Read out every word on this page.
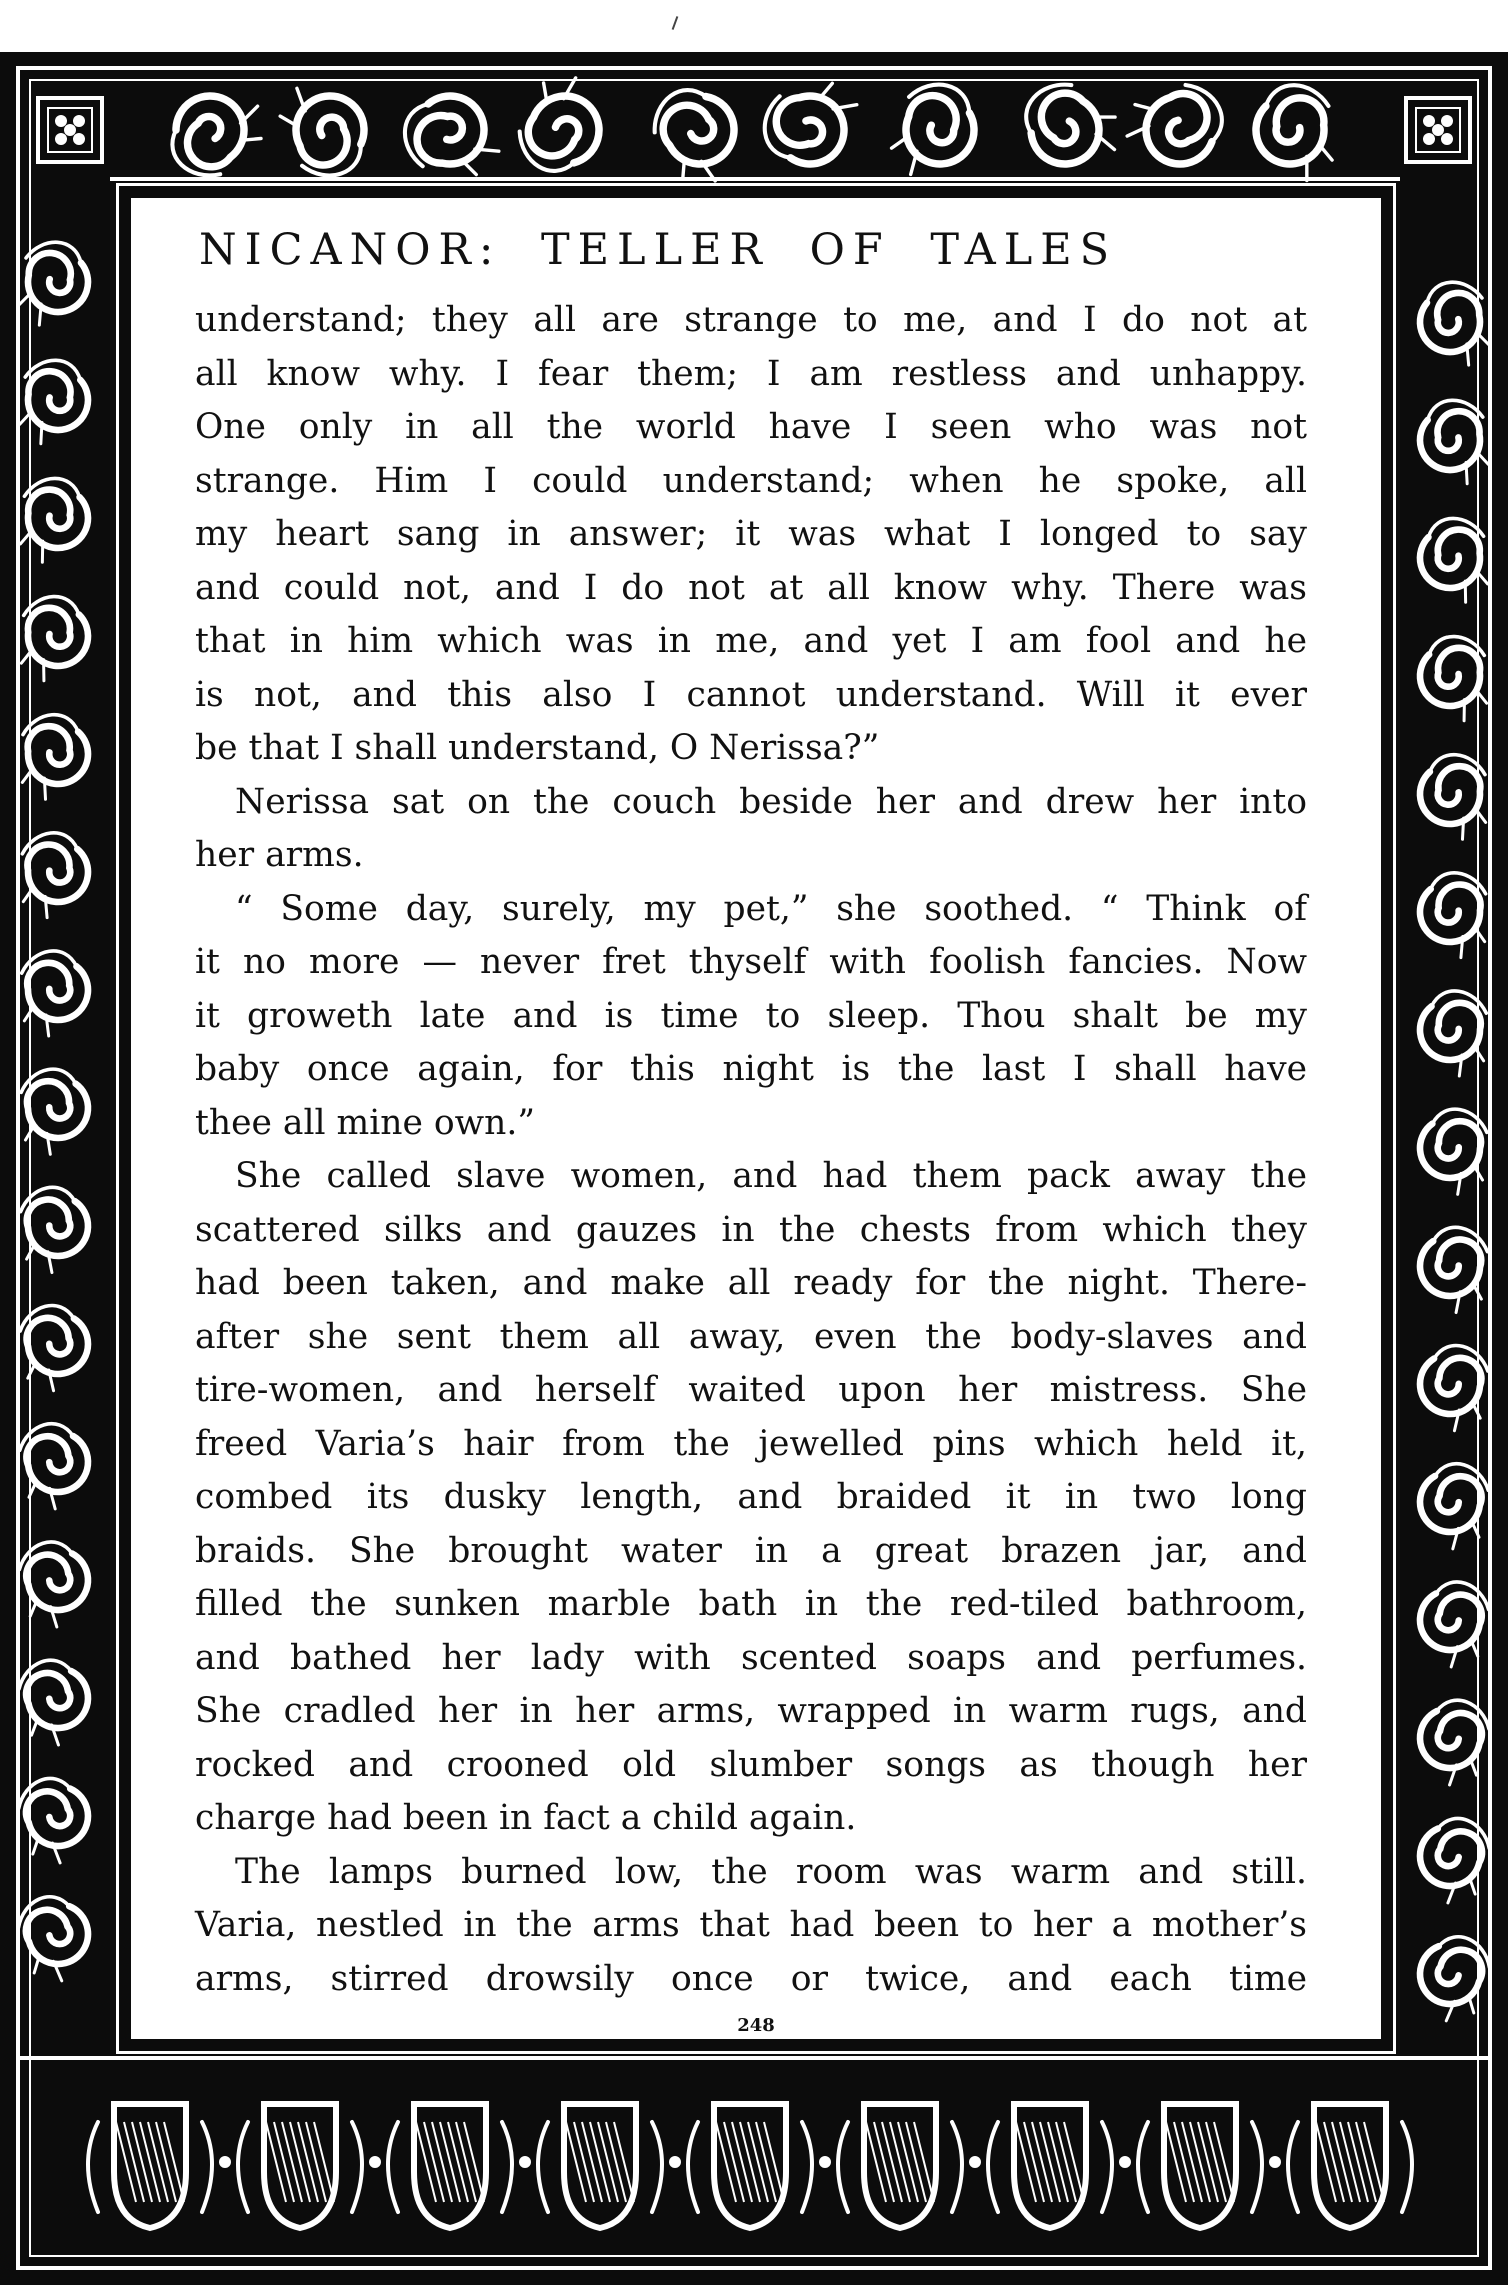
NICANOR: TELLER OF TALES
understand; they all are strange to me, and I do not at
all know why. I fear them; I am restless and unhappy.
One only in all the world have I seen who was not
strange. Him I could understand; when he spoke, all
my heart sang in answer; it was what I longed to say
and could not, and I do not at all know why. There was
that in him which was in me, and yet I am fool and he
is not, and this also I cannot understand. Will it ever
be that I shall understand, O Nerissa?”
Nerissa sat on the couch beside her and drew her into
her arms.
“ Some day, surely, my pet,” she soothed. “ Think of
it no more — never fret thyself with foolish fancies. Now
it groweth late and is time to sleep. Thou shalt be my
baby once again, for this night is the last I shall have
thee all mine own.”
She called slave women, and had them pack away the
scattered silks and gauzes in the chests from which they
had been taken, and make all ready for the night. There-
after she sent them all away, even the body-slaves and
tire-women, and herself waited upon her mistress. She
freed Varia’s hair from the jewelled pins which held it,
combed its dusky length, and braided it in two long
braids. She brought water in a great brazen jar, and
filled the sunken marble bath in the red-tiled bathroom,
and bathed her lady with scented soaps and perfumes.
She cradled her in her arms, wrapped in warm rugs, and
rocked and crooned old slumber songs as though her
charge had been in fact a child again.
The lamps burned low, the room was warm and still.
Varia, nestled in the arms that had been to her a mother’s
arms, stirred drowsily once or twice, and each time
248
